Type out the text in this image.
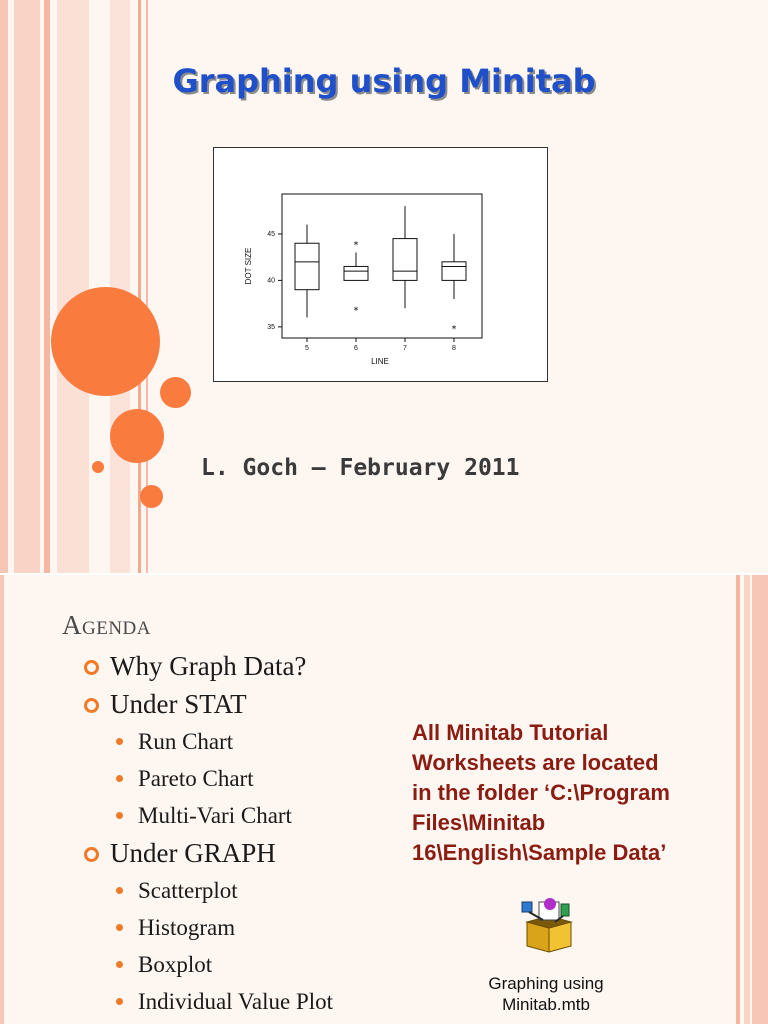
Graphing using Minitab
35
40
45
5	6	7	8
LINE
DOT SIZE
*
*
*
L. Goch – February 2011
Agenda
Why Graph Data?
Under STAT
Run Chart
Pareto Chart
Multi-Vari Chart
Under GRAPH
Scatterplot
Histogram
Boxplot
Individual Value Plot
All Minitab Tutorial
Worksheets are located
in the folder ‘C:\Program
Files\Minitab
16\English\Sample Data’
Graphing using
Minitab.mtb
